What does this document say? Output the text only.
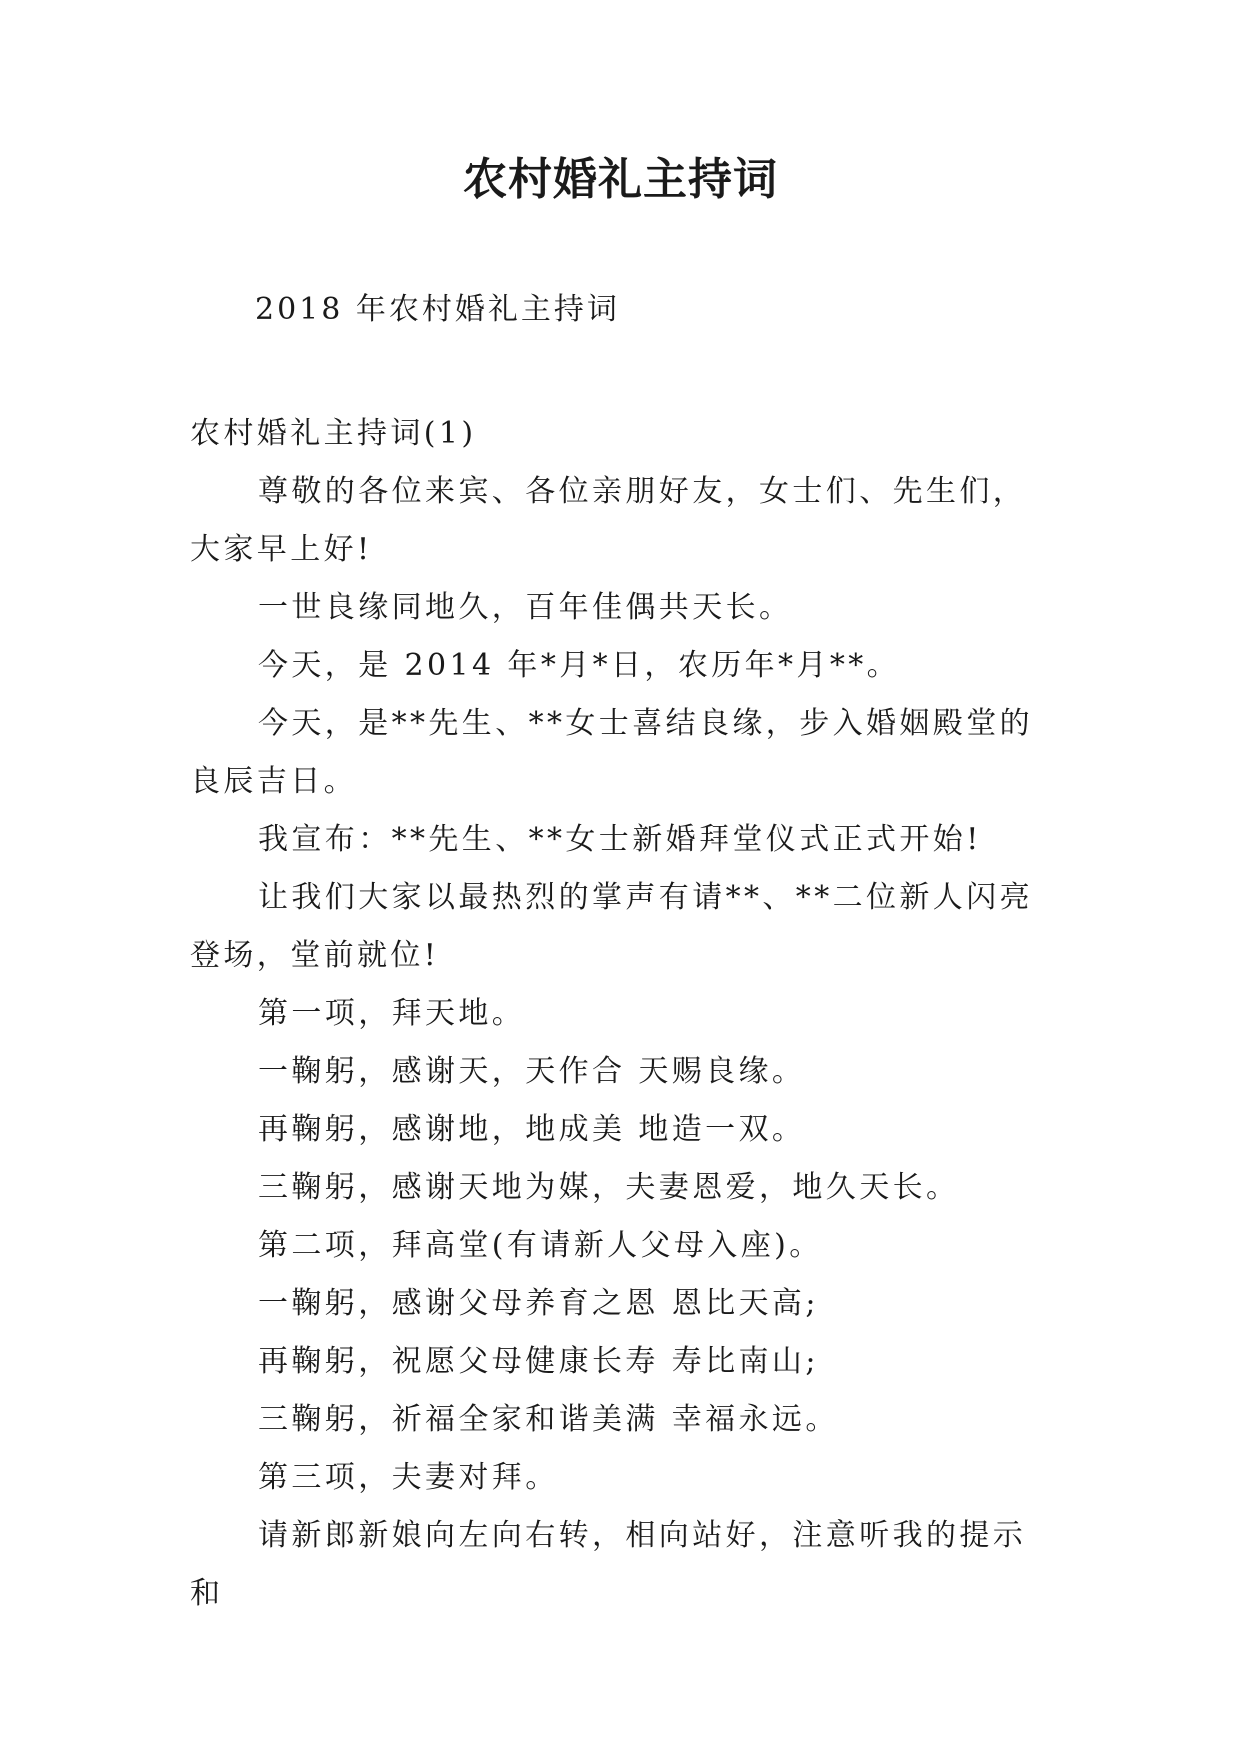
农村婚礼主持词
2018 年农村婚礼主持词

农村婚礼主持词(1)

尊敬的各位来宾、各位亲朋好友，女士们、先生们，大家早上好!

一世良缘同地久，百年佳偶共天长。

今天，是 2014 年*月*日，农历年*月**。

今天，是**先生、**女士喜结良缘，步入婚姻殿堂的良辰吉日。

我宣布：**先生、**女士新婚拜堂仪式正式开始!

让我们大家以最热烈的掌声有请**、**二位新人闪亮登场，堂前就位!

第一项，拜天地。

一鞠躬，感谢天，天作合 天赐良缘。

再鞠躬，感谢地，地成美 地造一双。

三鞠躬，感谢天地为媒，夫妻恩爱，地久天长。

第二项，拜高堂(有请新人父母入座)。

一鞠躬，感谢父母养育之恩 恩比天高;

再鞠躬，祝愿父母健康长寿 寿比南山;

三鞠躬，祈福全家和谐美满 幸福永远。

第三项，夫妻对拜。

请新郎新娘向左向右转，相向站好，注意听我的提示和
